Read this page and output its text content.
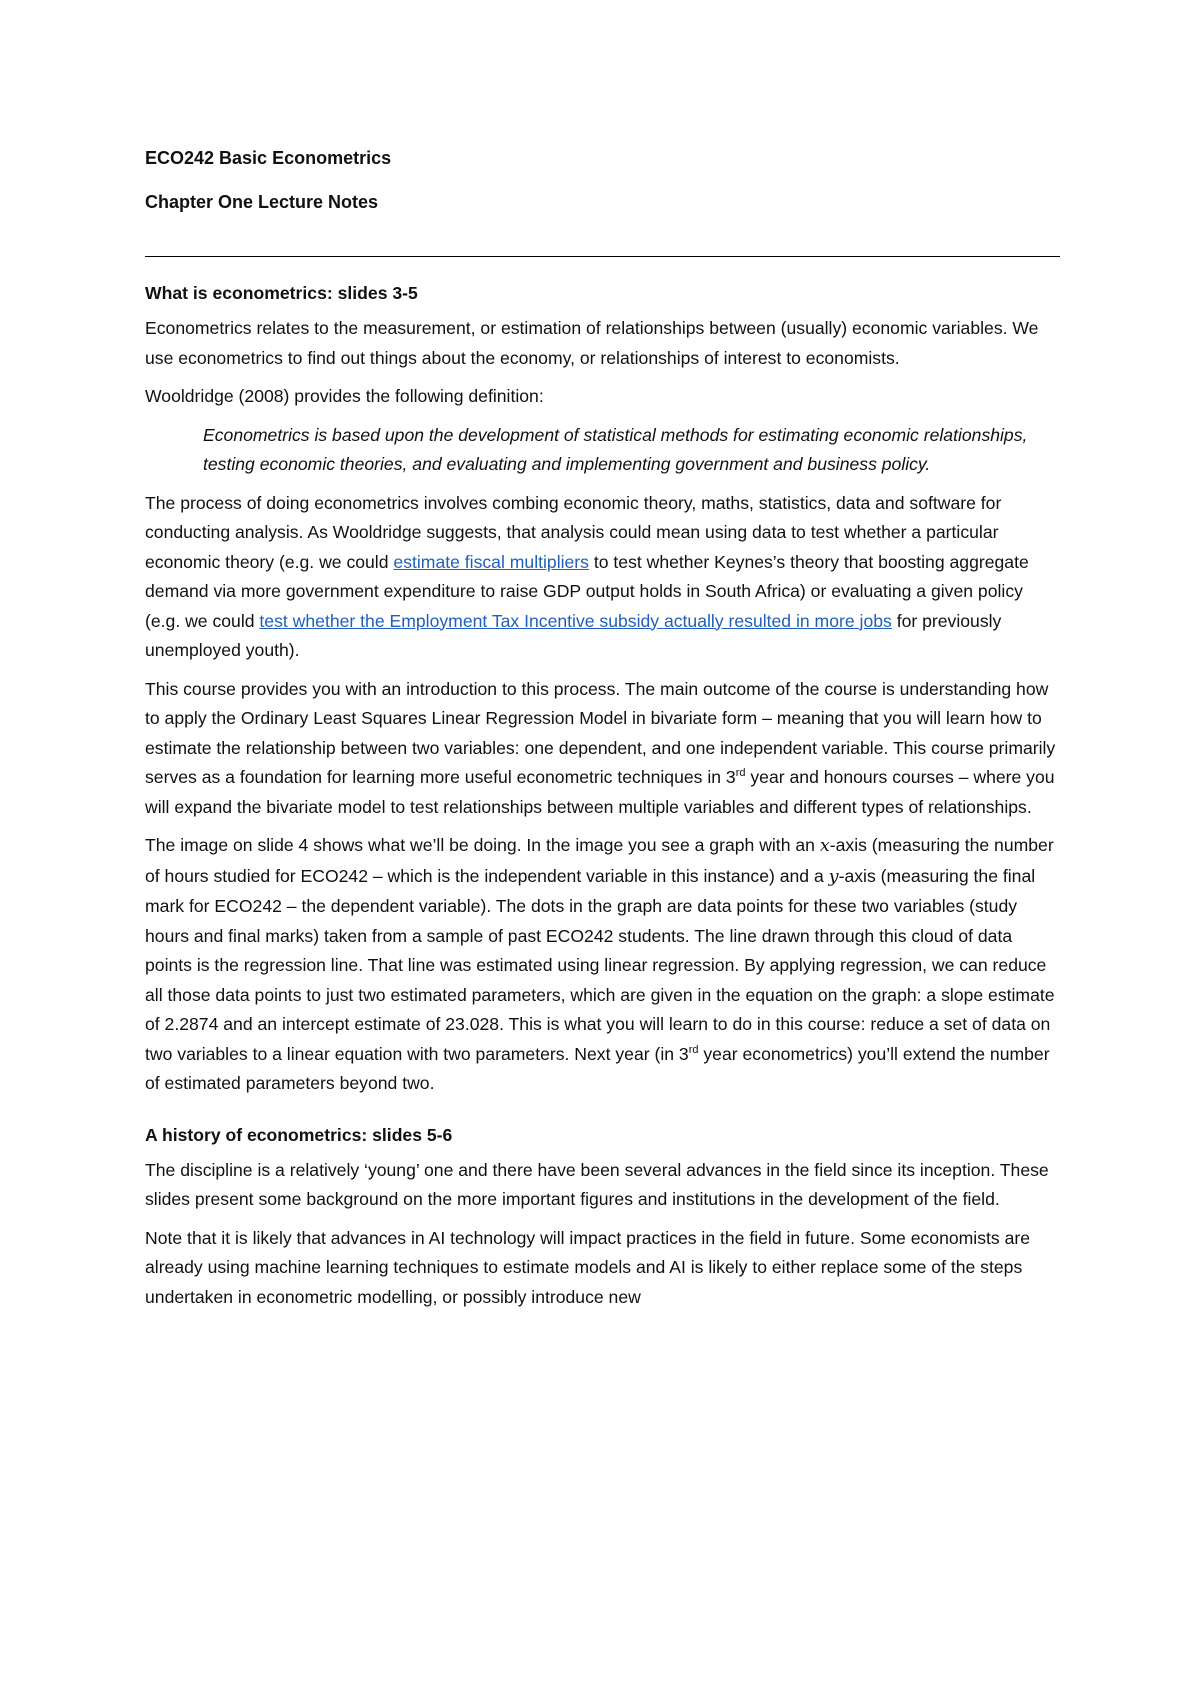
ECO242 Basic Econometrics
Chapter One Lecture Notes
What is econometrics: slides 3-5

Econometrics relates to the measurement, or estimation of relationships between (usually) economic variables. We use econometrics to find out things about the economy, or relationships of interest to economists.

Wooldridge (2008) provides the following definition:

Econometrics is based upon the development of statistical methods for estimating economic relationships, testing economic theories, and evaluating and implementing government and business policy.

The process of doing econometrics involves combing economic theory, maths, statistics, data and software for conducting analysis. As Wooldridge suggests, that analysis could mean using data to test whether a particular economic theory (e.g. we could estimate fiscal multipliers to test whether Keynes’s theory that boosting aggregate demand via more government expenditure to raise GDP output holds in South Africa) or evaluating a given policy (e.g. we could test whether the Employment Tax Incentive subsidy actually resulted in more jobs for previously unemployed youth).

This course provides you with an introduction to this process. The main outcome of the course is understanding how to apply the Ordinary Least Squares Linear Regression Model in bivariate form – meaning that you will learn how to estimate the relationship between two variables: one dependent, and one independent variable. This course primarily serves as a foundation for learning more useful econometric techniques in 3rd year and honours courses – where you will expand the bivariate model to test relationships between multiple variables and different types of relationships.

The image on slide 4 shows what we’ll be doing. In the image you see a graph with an x-axis (measuring the number of hours studied for ECO242 – which is the independent variable in this instance) and a y-axis (measuring the final mark for ECO242 – the dependent variable). The dots in the graph are data points for these two variables (study hours and final marks) taken from a sample of past ECO242 students. The line drawn through this cloud of data points is the regression line. That line was estimated using linear regression. By applying regression, we can reduce all those data points to just two estimated parameters, which are given in the equation on the graph: a slope estimate of 2.2874 and an intercept estimate of 23.028. This is what you will learn to do in this course: reduce a set of data on two variables to a linear equation with two parameters. Next year (in 3rd year econometrics) you’ll extend the number of estimated parameters beyond two.

A history of econometrics: slides 5-6

The discipline is a relatively ‘young’ one and there have been several advances in the field since its inception. These slides present some background on the more important figures and institutions in the development of the field.

Note that it is likely that advances in AI technology will impact practices in the field in future. Some economists are already using machine learning techniques to estimate models and AI is likely to either replace some of the steps undertaken in econometric modelling, or possibly introduce new
